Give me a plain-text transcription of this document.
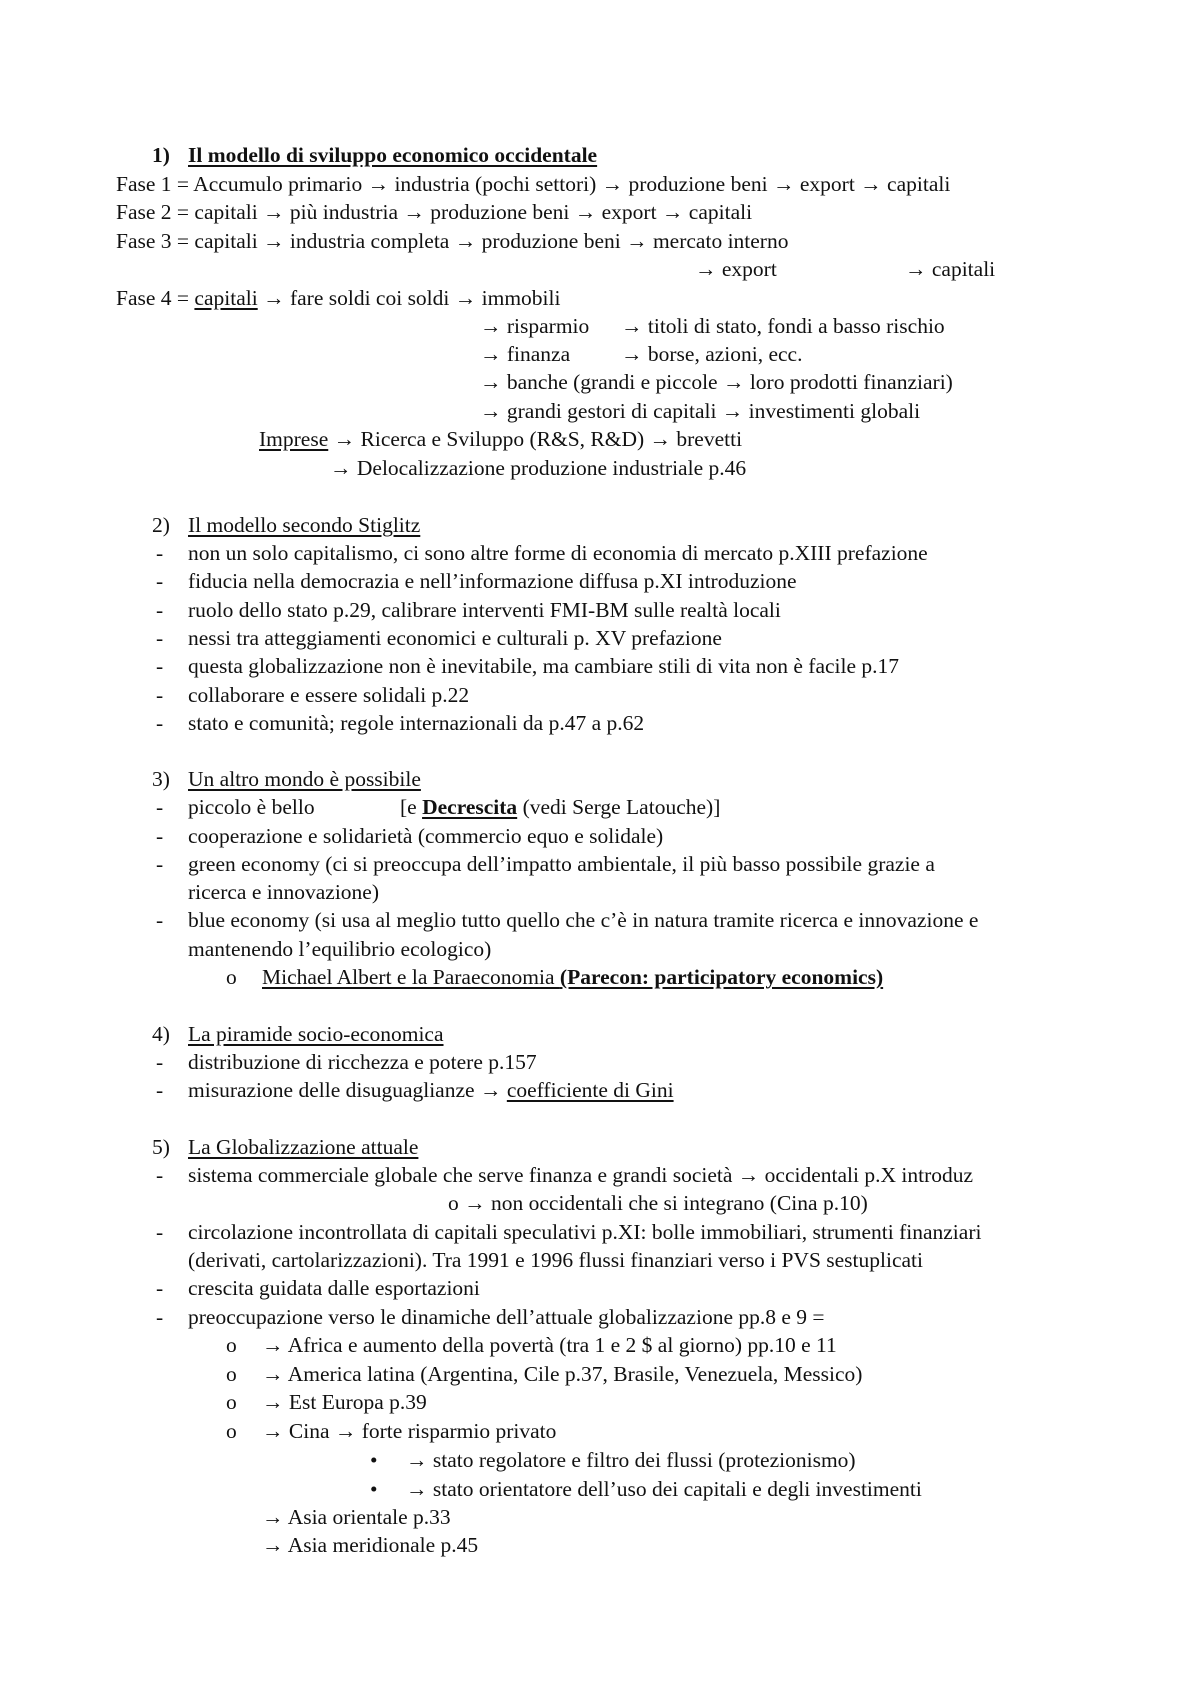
1) Il modello di sviluppo economico occidentale
Fase 1 = Accumulo primario → industria (pochi settori) → produzione beni → export → capitali
Fase 2 = capitali → più industria → produzione beni → export → capitali
Fase 3 = capitali → industria completa → produzione beni → mercato interno
→ export	→ capitali
Fase 4 = capitali → fare soldi coi soldi → immobili
→ risparmio → titoli di stato, fondi a basso rischio
→ finanza → borse, azioni, ecc.
→ banche (grandi e piccole → loro prodotti finanziari)
→ grandi gestori di capitali → investimenti globali
Imprese → Ricerca e Sviluppo (R&S, R&D) → brevetti
→ Delocalizzazione produzione industriale p.46
2) Il modello secondo Stiglitz
- non un solo capitalismo, ci sono altre forme di economia di mercato p.XIII prefazione
- fiducia nella democrazia e nell’informazione diffusa p.XI introduzione
- ruolo dello stato p.29, calibrare interventi FMI-BM sulle realtà locali
- nessi tra atteggiamenti economici e culturali p. XV prefazione
- questa globalizzazione non è inevitabile, ma cambiare stili di vita non è facile p.17
- collaborare e essere solidali p.22
- stato e comunità; regole internazionali da p.47 a p.62
3) Un altro mondo è possibile
- piccolo è bello	[e Decrescita (vedi Serge Latouche)]
- cooperazione e solidarietà (commercio equo e solidale)
- green economy (ci si preoccupa dell’impatto ambientale, il più basso possibile grazie a
ricerca e innovazione)
- blue economy (si usa al meglio tutto quello che c’è in natura tramite ricerca e innovazione e
mantenendo l’equilibrio ecologico)
o Michael Albert e la Paraeconomia (Parecon: participatory economics)
4) La piramide socio-economica
- distribuzione di ricchezza e potere p.157
- misurazione delle disuguaglianze → coefficiente di Gini
5) La Globalizzazione attuale
- sistema commerciale globale che serve finanza e grandi società → occidentali p.X introduz
o → non occidentali che si integrano (Cina p.10)
- circolazione incontrollata di capitali speculativi p.XI: bolle immobiliari, strumenti finanziari
(derivati, cartolarizzazioni). Tra 1991 e 1996 flussi finanziari verso i PVS sestuplicati
- crescita guidata dalle esportazioni
- preoccupazione verso le dinamiche dell’attuale globalizzazione pp.8 e 9 =
o → Africa e aumento della povertà (tra 1 e 2 $ al giorno) pp.10 e 11
o → America latina (Argentina, Cile p.37, Brasile, Venezuela, Messico)
o → Est Europa p.39
o → Cina → forte risparmio privato
• → stato regolatore e filtro dei flussi (protezionismo)
• → stato orientatore dell’uso dei capitali e degli investimenti
→ Asia orientale p.33
→ Asia meridionale p.45
